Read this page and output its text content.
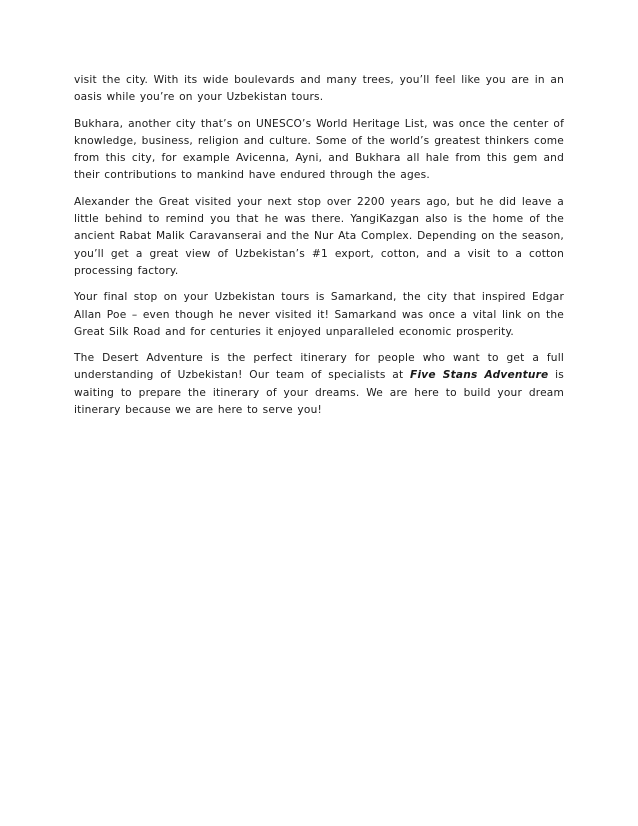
visit the city. With its wide boulevards and many trees, you’ll feel like you are in an oasis while you’re on your Uzbekistan tours.

Bukhara, another city that’s on UNESCO’s World Heritage List, was once the center of knowledge, business, religion and culture. Some of the world’s greatest thinkers come from this city, for example Avicenna, Ayni, and Bukhara all hale from this gem and their contributions to mankind have endured through the ages.

Alexander the Great visited your next stop over 2200 years ago, but he did leave a little behind to remind you that he was there. YangiKazgan also is the home of the ancient Rabat Malik Caravanserai and the Nur Ata Complex. Depending on the season, you’ll get a great view of Uzbekistan’s #1 export, cotton, and a visit to a cotton processing factory.

Your final stop on your Uzbekistan tours is Samarkand, the city that inspired Edgar Allan Poe – even though he never visited it! Samarkand was once a vital link on the Great Silk Road and for centuries it enjoyed unparalleled economic prosperity.

The Desert Adventure is the perfect itinerary for people who want to get a full understanding of Uzbekistan! Our team of specialists at Five Stans Adventure is waiting to prepare the itinerary of your dreams. We are here to build your dream itinerary because we are here to serve you!
